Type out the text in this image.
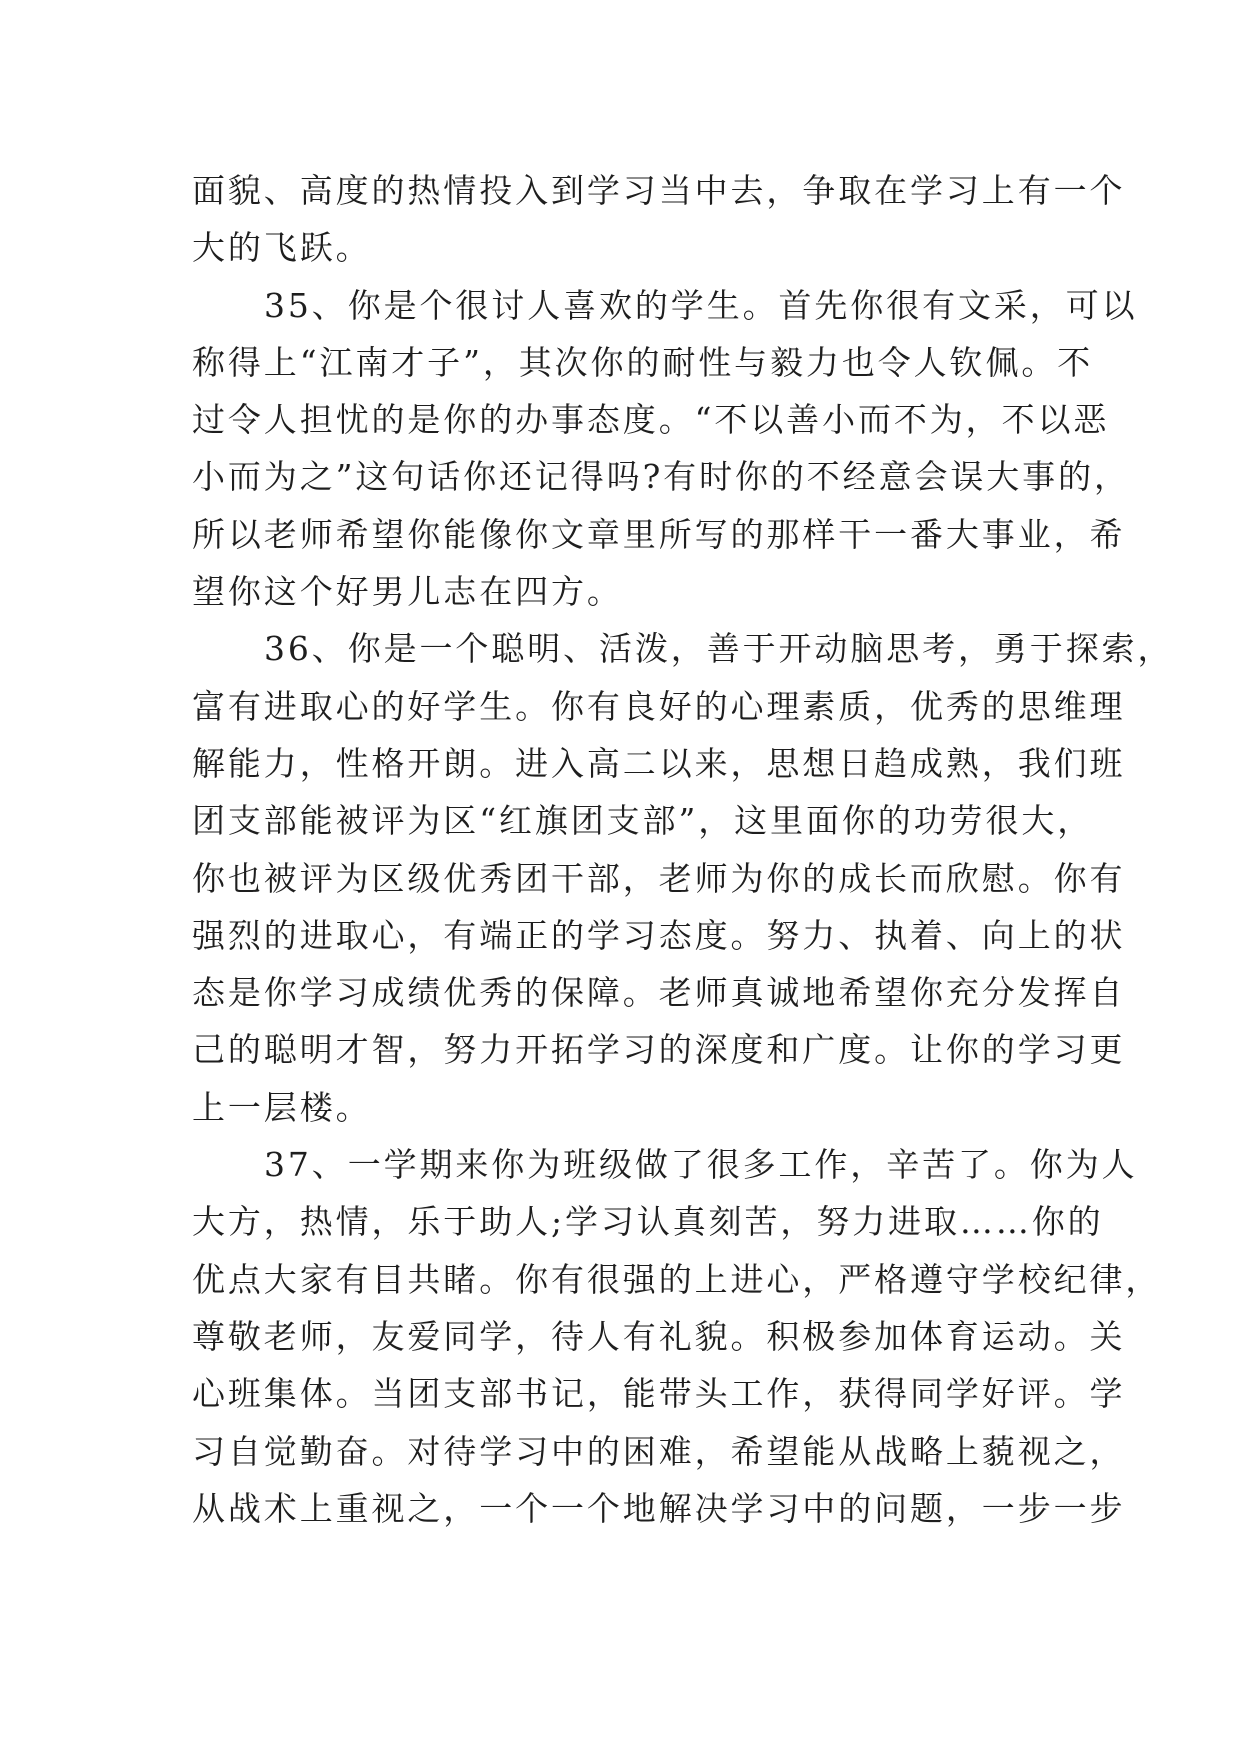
面貌、高度的热情投入到学习当中去，争取在学习上有一个
大的飞跃。

35、你是个很讨人喜欢的学生。首先你很有文采，可以
称得上“江南才子”，其次你的耐性与毅力也令人钦佩。不
过令人担忧的是你的办事态度。“不以善小而不为，不以恶
小而为之”这句话你还记得吗?有时你的不经意会误大事的，
所以老师希望你能像你文章里所写的那样干一番大事业，希
望你这个好男儿志在四方。

36、你是一个聪明、活泼，善于开动脑思考，勇于探索，
富有进取心的好学生。你有良好的心理素质，优秀的思维理
解能力，性格开朗。进入高二以来，思想日趋成熟，我们班
团支部能被评为区“红旗团支部”，这里面你的功劳很大，
你也被评为区级优秀团干部，老师为你的成长而欣慰。你有
强烈的进取心，有端正的学习态度。努力、执着、向上的状
态是你学习成绩优秀的保障。老师真诚地希望你充分发挥自
己的聪明才智，努力开拓学习的深度和广度。让你的学习更
上一层楼。

37、一学期来你为班级做了很多工作，辛苦了。你为人
大方，热情，乐于助人;学习认真刻苦，努力进取……你的
优点大家有目共睹。你有很强的上进心，严格遵守学校纪律，
尊敬老师，友爱同学，待人有礼貌。积极参加体育运动。关
心班集体。当团支部书记，能带头工作，获得同学好评。学
习自觉勤奋。对待学习中的困难，希望能从战略上藐视之，
从战术上重视之，一个一个地解决学习中的问题，一步一步
